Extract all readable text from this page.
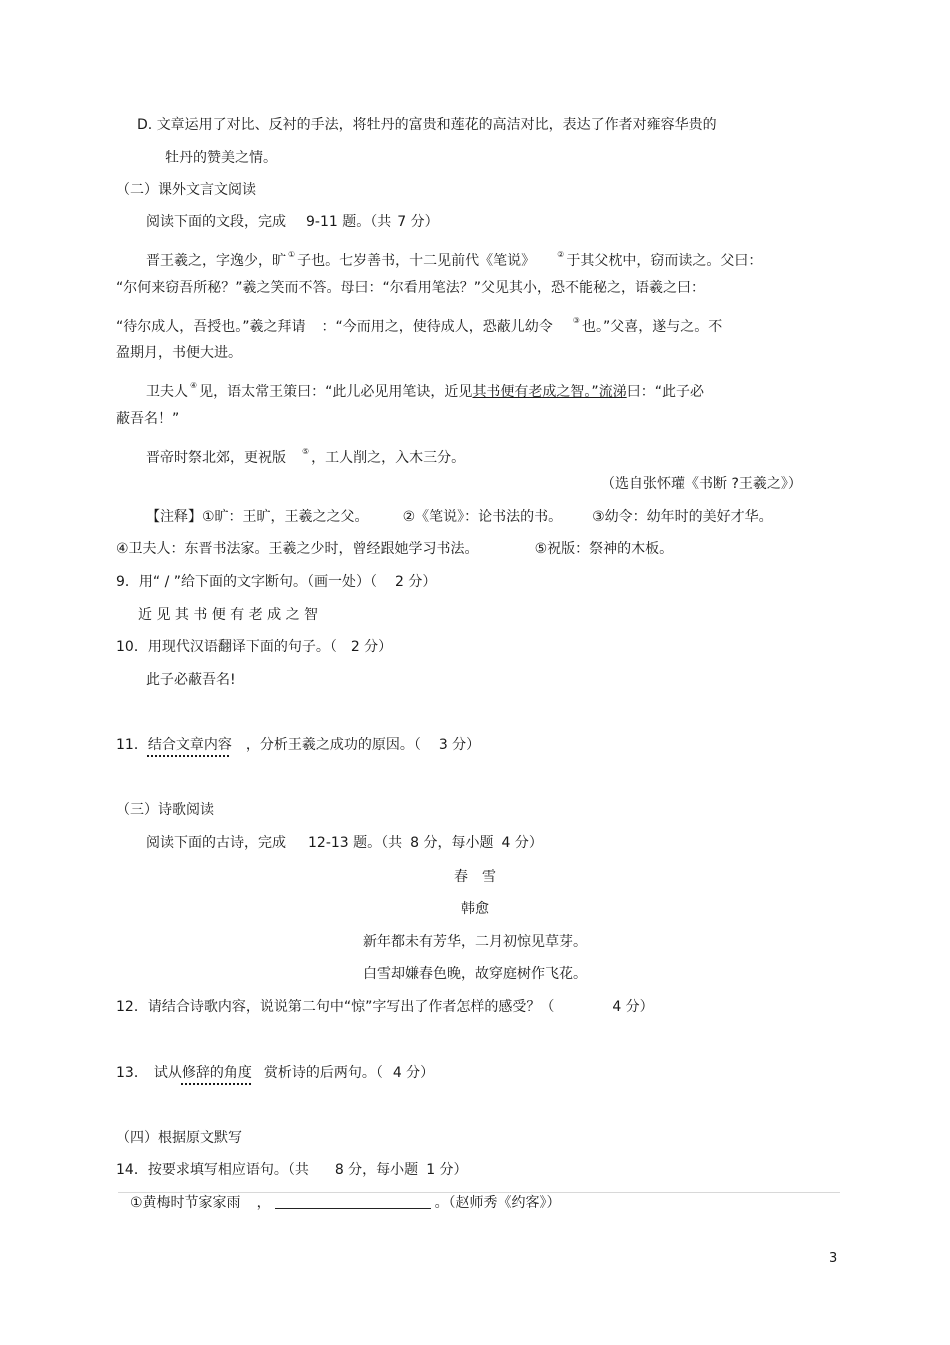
D. 文章运用了对比、反衬的手法，将牡丹的富贵和莲花的高洁对比，表达了作者对雍容华贵的
牡丹的赞美之情。
（二）课外文言文阅读
阅读下面的文段，完成 9-11 题。（共 7 分）
晋王羲之，字逸少，旷 ① 子也。七岁善书，十二见前代《笔说》	② 于其父枕中，窃而读之。父曰：
“尔何来窃吾所秘？”羲之笑而不答。母曰：“尔看用笔法？”父见其小，恐不能秘之，语羲之曰：
“待尔成人，吾授也。”羲之拜请 ：“今而用之，使待成人，恐蔽儿幼令	③ 也。”父喜，遂与之。不
盈期月，书便大进。
卫夫人 ④ 见，语太常王策曰：“此儿必见用笔诀，近见其书便有老成之智。”流涕曰：“此子必
蔽吾名！”
晋帝时祭北郊，更祝版 ⑤ ，工人削之，入木三分。
（选自张怀瓘《书断 ?王羲之》）
【注释】①旷：王旷，王羲之之父。 ②《笔说》：论书法的书。 ③幼令：幼年时的美好才华。
④卫夫人：东晋书法家。王羲之少时，曾经跟她学习书法。	⑤祝版：祭神的木板。
9．用“ / ”给下面的文字断句。（画一处）（ 2 分）
近 见 其 书 便 有 老 成 之 智
10．用现代汉语翻译下面的句子。（ 2 分）
此子必蔽吾名!
11．结合文章内容 ，分析王羲之成功的原因。（ 3 分）
（三）诗歌阅读
阅读下面的古诗，完成 12-13 题。（共 8 分，每小题 4 分）
春　雪
韩愈
新年都未有芳华，二月初惊见草芽。
白雪却嫌春色晚，故穿庭树作飞花。
12．请结合诗歌内容，说说第二句中“惊”字写出了作者怎样的感受？（	4 分）
13． 试从修辞的角度 赏析诗的后两句。（ 4 分）
（四）根据原文默写
14．按要求填写相应语句。（共 8 分，每小题 1 分）
①黄梅时节家家雨 ，	。（赵师秀《约客》）
3
